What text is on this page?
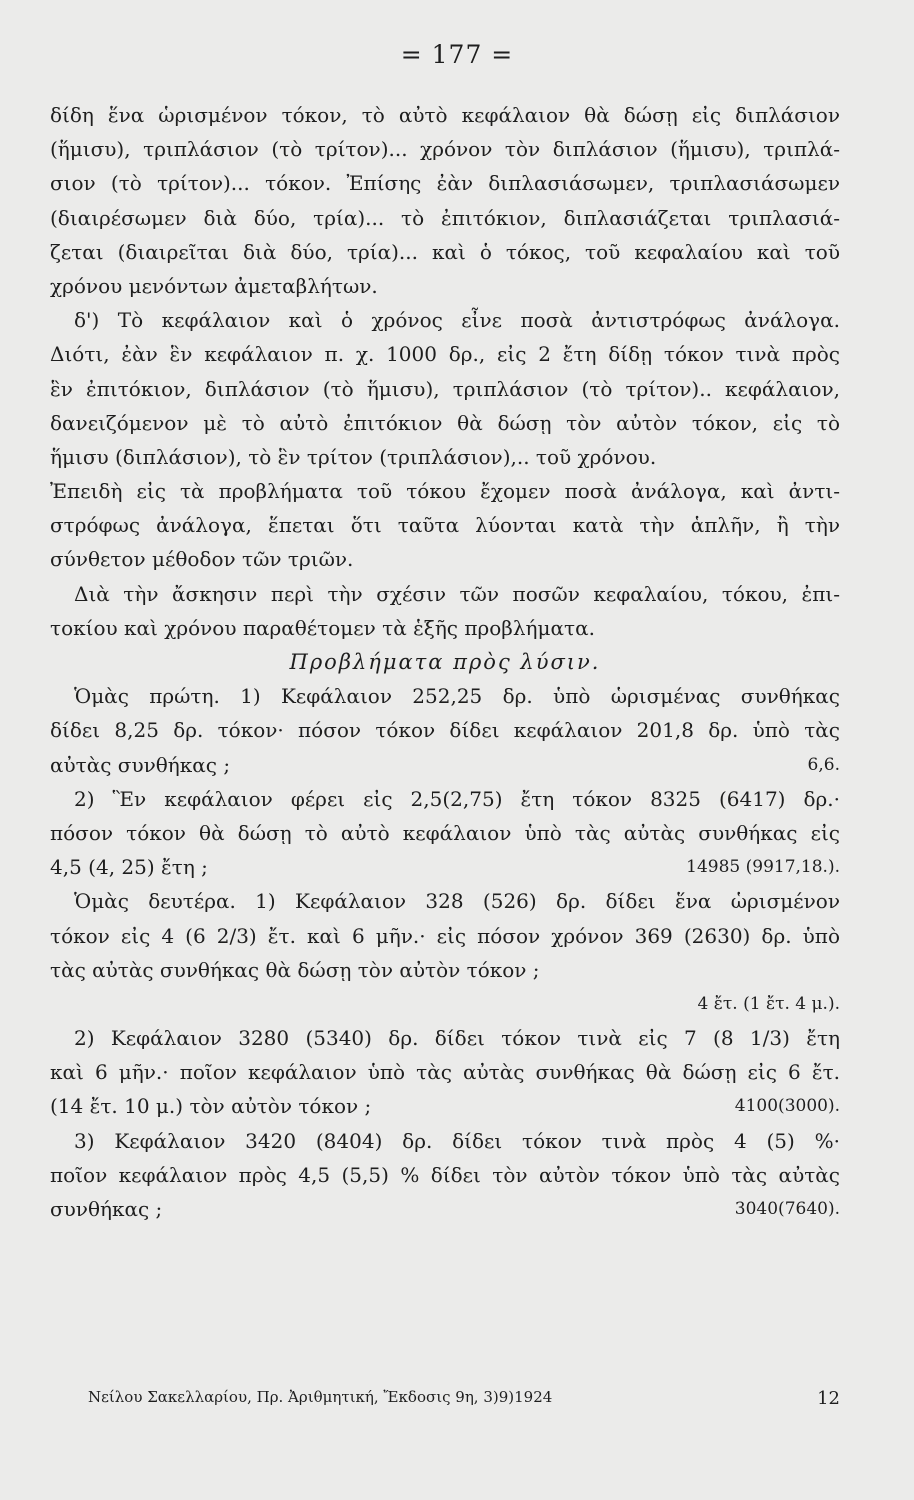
= 177 =
δίδη ἕνα ὡρισμένον τόκον, τὸ αὐτὸ κεφάλαιον θὰ δώσῃ εἰς διπλάσιον
(ἥμισυ), τριπλάσιον (τὸ τρίτον)... χρόνον τὸν διπλάσιον (ἥμισυ), τριπλά-
σιον (τὸ τρίτον)... τόκον. Ἐπίσης ἐὰν διπλασιάσωμεν, τριπλασιάσωμεν
(διαιρέσωμεν διὰ δύο, τρία)... τὸ ἐπιτόκιον, διπλασιάζεται τριπλασιά-
ζεται (διαιρεῖται διὰ δύο, τρία)... καὶ ὁ τόκος, τοῦ κεφαλαίου καὶ τοῦ
χρόνου μενόντων ἀμεταβλήτων.
δ') Τὸ κεφάλαιον καὶ ὁ χρόνος εἶνε ποσὰ ἀντιστρόφως ἀνάλογα.
Διότι, ἐὰν ἓν κεφάλαιον π. χ. 1000 δρ., εἰς 2 ἔτη δίδῃ τόκον τινὰ πρὸς
ἓν ἐπιτόκιον, διπλάσιον (τὸ ἥμισυ), τριπλάσιον (τὸ τρίτον).. κεφάλαιον,
δανειζόμενον μὲ τὸ αὐτὸ ἐπιτόκιον θὰ δώσῃ τὸν αὐτὸν τόκον, εἰς τὸ
ἥμισυ (διπλάσιον), τὸ ἓν τρίτον (τριπλάσιον),.. τοῦ χρόνου.
Ἐπειδὴ εἰς τὰ προβλήματα τοῦ τόκου ἔχομεν ποσὰ ἀνάλογα, καὶ ἀντι-
στρόφως ἀνάλογα, ἕπεται ὅτι ταῦτα λύονται κατὰ τὴν ἁπλῆν, ἢ τὴν
σύνθετον μέθοδον τῶν τριῶν.
Διὰ τὴν ἄσκησιν περὶ τὴν σχέσιν τῶν ποσῶν κεφαλαίου, τόκου, ἐπι-
τοκίου καὶ χρόνου παραθέτομεν τὰ ἑξῆς προβλήματα.
Προβλήματα πρὸς λύσιν.
Ὁμὰς πρώτη. 1) Κεφάλαιον 252,25 δρ. ὑπὸ ὡρισμένας συνθήκας
δίδει 8,25 δρ. τόκον· πόσον τόκον δίδει κεφάλαιον 201,8 δρ. ὑπὸ τὰς
6,6.
αὐτὰς συνθήκας ;
2) Ἓν κεφάλαιον φέρει εἰς 2,5(2,75) ἔτη τόκον 8325 (6417) δρ.·
πόσον τόκον θὰ δώσῃ τὸ αὐτὸ κεφάλαιον ὑπὸ τὰς αὐτὰς συνθήκας εἰς
14985 (9917,18.).
4,5 (4, 25) ἔτη ;
Ὁμὰς δευτέρα. 1) Κεφάλαιον 328 (526) δρ. δίδει ἕνα ὡρισμένον
τόκον εἰς 4 (6 2/3) ἔτ. καὶ 6 μῆν.· εἰς πόσον χρόνον 369 (2630) δρ. ὑπὸ
τὰς αὐτὰς συνθήκας θὰ δώσῃ τὸν αὐτὸν τόκον ;
4 ἔτ. (1 ἔτ. 4 μ.).
2) Κεφάλαιον 3280 (5340) δρ. δίδει τόκον τινὰ εἰς 7 (8 1/3) ἔτη
καὶ 6 μῆν.· ποῖον κεφάλαιον ὑπὸ τὰς αὐτὰς συνθήκας θὰ δώσῃ εἰς 6 ἔτ.
4100(3000).
(14 ἔτ. 10 μ.) τὸν αὐτὸν τόκον ;
3) Κεφάλαιον 3420 (8404) δρ. δίδει τόκον τινὰ πρὸς 4 (5) %·
ποῖον κεφάλαιον πρὸς 4,5 (5,5) % δίδει τὸν αὐτὸν τόκον ὑπὸ τὰς αὐτὰς
3040(7640).
συνθήκας ;
Νείλου Σακελλαρίου, Πρ. Ἀριθμητική, Ἔκδοσις 9η, 3)9)1924	12
